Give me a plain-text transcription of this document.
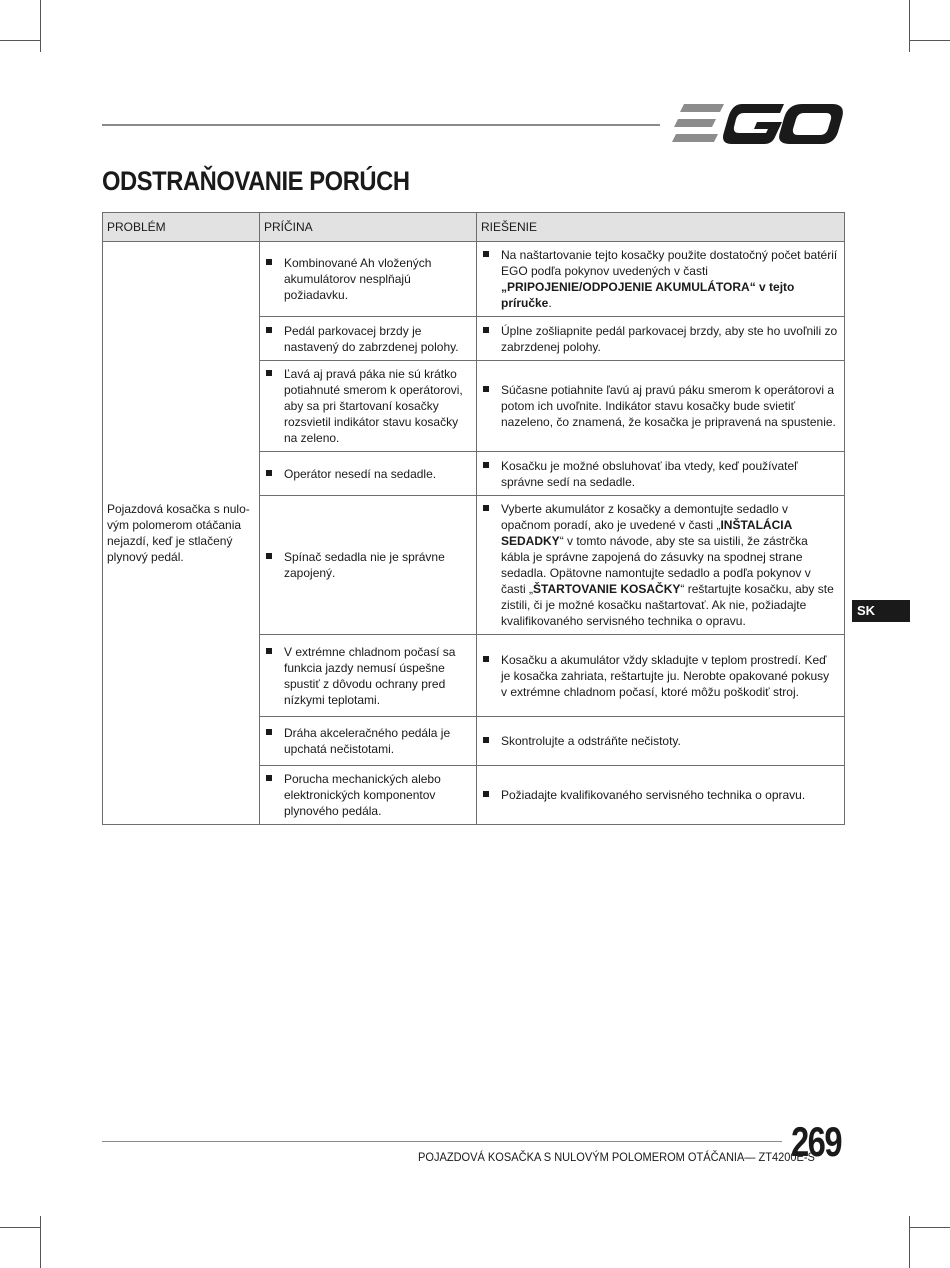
ODSTRAŇOVANIE PORÚCH
PROBLÉM	PRÍČINA	RIEŠENIE
Pojazdová kosačka s nulo-vým polomerom otáčania nejazdí, keď je stlačený plynový pedál.	Kombinované Ah vložených akumulátorov nesplňajú požiadavku.	Na naštartovanie tejto kosačky použite dostatočný počet batérií EGO podľa pokynov uvedených v časti „PRIPOJENIE/ODPOJENIE AKUMULÁTORA“ v tejto príručke.

	Pedál parkovacej brzdy je nastavený do zabrzdenej polohy.	Úplne zošliapnite pedál parkovacej brzdy, aby ste ho uvoľnili zo zabrzdenej polohy.

	Ľavá aj pravá páka nie sú krátko potiahnuté smerom k operátorovi, aby sa pri štartovaní kosačky rozsvietil indikátor stavu kosačky na zeleno.	Súčasne potiahnite ľavú aj pravú páku smerom k operátorovi a potom ich uvoľnite. Indikátor stavu kosačky bude svietiť nazeleno, čo znamená, že kosačka je pripravená na spustenie.

	Operátor nesedí na sedadle.	Kosačku je možné obsluhovať iba vtedy, keď používateľ správne sedí na sedadle.

	Spínač sedadla nie je správne zapojený.	Vyberte akumulátor z kosačky a demontujte sedadlo v opačnom poradí, ako je uvedené v časti „INŠTALÁCIA SEDADKY“ v tomto návode, aby ste sa uistili, že zástrčka kábla je správne zapojená do zásuvky na spodnej strane sedadla. Opätovne namontujte sedadlo a podľa pokynov v časti „ŠTARTOVANIE KOSAČKY“ reštartujte kosačku, aby ste zistili, či je možné kosačku naštartovať. Ak nie, požiadajte kvalifikovaného servisného technika o opravu.

	V extrémne chladnom počasí sa funkcia jazdy nemusí úspešne spustiť z dôvodu ochrany pred nízkymi teplotami.	Kosačku a akumulátor vždy skladujte v teplom prostredí. Keď je kosačka zahriata, reštartujte ju. Nerobte opakované pokusy v extrémne chladnom počasí, ktoré môžu poškodiť stroj.

	Dráha akceleračného pedála je upchatá nečistotami.	Skontrolujte a odstráňte nečistoty.

	Porucha mechanických alebo elektronických komponentov plynového pedála.	Požiadajte kvalifikovaného servisného technika o opravu.
SK
POJAZDOVÁ KOSAČKA S NULOVÝM POLOMEROM OTÁČANIA— ZT4200E-S
269
